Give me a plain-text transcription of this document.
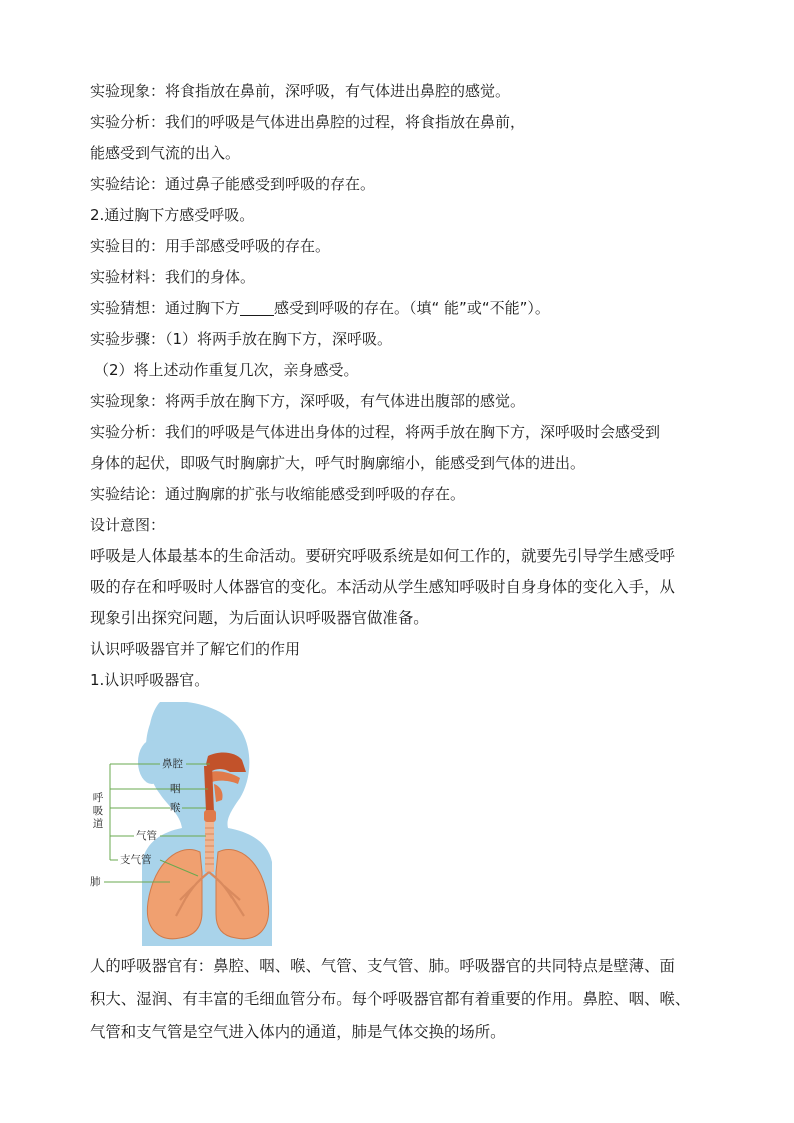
实验现象：将食指放在鼻前，深呼吸，有气体进出鼻腔的感觉。
实验分析：我们的呼吸是气体进出鼻腔的过程，将食指放在鼻前，
能感受到气流的出入。
实验结论：通过鼻子能感受到呼吸的存在。
2.通过胸下方感受呼吸。
实验目的：用手部感受呼吸的存在。
实验材料：我们的身体。
实验猜想：通过胸下方 感受到呼吸的存在。（填“ 能”或“不能”）。
实验步骤：（1）将两手放在胸下方，深呼吸。
（2）将上述动作重复几次，亲身感受。
实验现象：将两手放在胸下方，深呼吸，有气体进出腹部的感觉。
实验分析：我们的呼吸是气体进出身体的过程，将两手放在胸下方，深呼吸时会感受到
身体的起伏，即吸气时胸廓扩大，呼气时胸廓缩小，能感受到气体的进出。
实验结论：通过胸廓的扩张与收缩能感受到呼吸的存在。
设计意图：
呼吸是人体最基本的生命活动。要研究呼吸系统是如何工作的，就要先引导学生感受呼
吸的存在和呼吸时人体器官的变化。本活动从学生感知呼吸时自身身体的变化入手，从
现象引出探究问题，为后面认识呼吸器官做准备。
认识呼吸器官并了解它们的作用
1.认识呼吸器官。
鼻腔
咽
喉
气管
支气管
肺
呼吸道
人的呼吸器官有：鼻腔、咽、喉、气管、支气管、肺。呼吸器官的共同特点是壁薄、面
积大、湿润、有丰富的毛细血管分布。每个呼吸器官都有着重要的作用。鼻腔、咽、喉、
气管和支气管是空气进入体内的通道，肺是气体交换的场所。
